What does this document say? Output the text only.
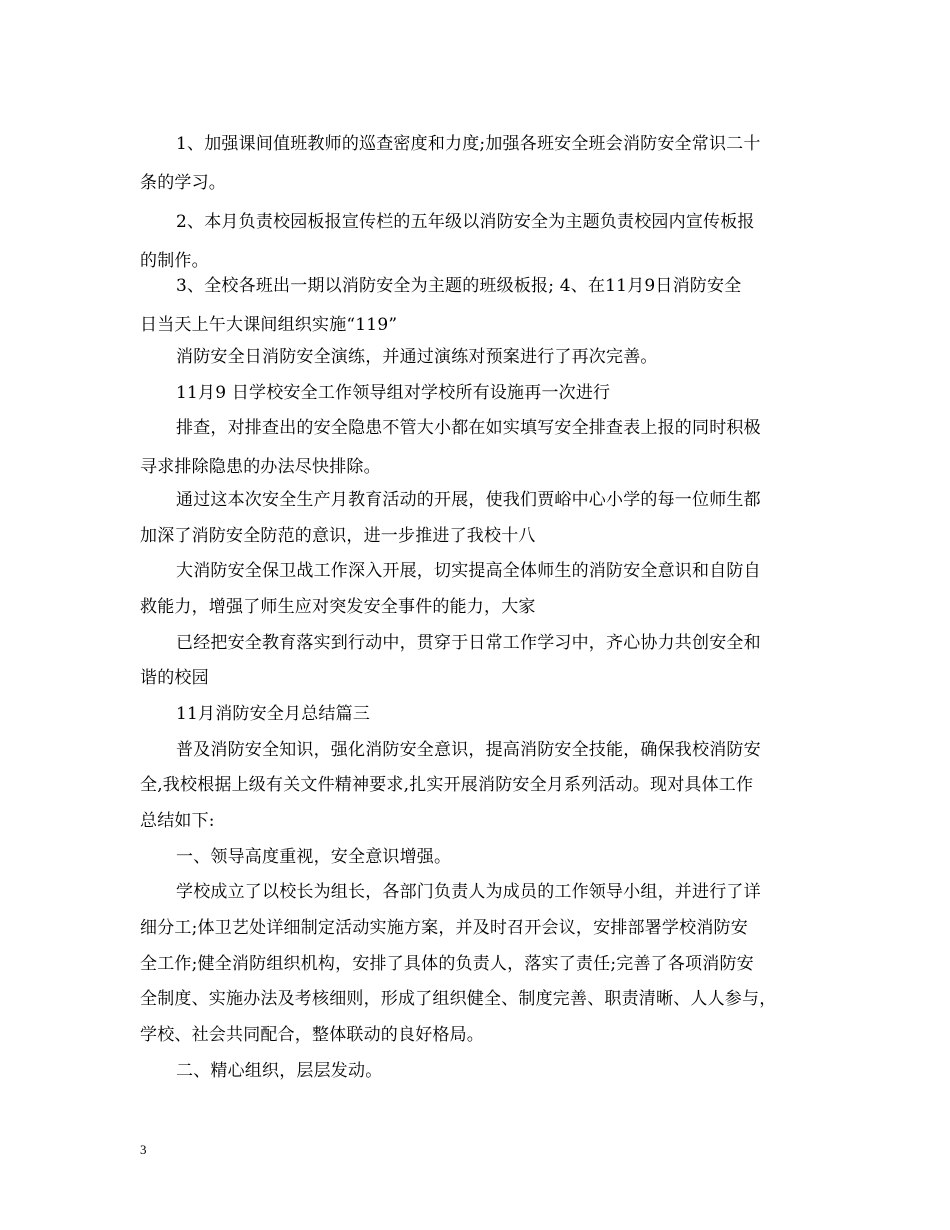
1、加强课间值班教师的巡查密度和力度;加强各班安全班会消防安全常识二十

条的学习。

2、本月负责校园板报宣传栏的五年级以消防安全为主题负责校园内宣传板报

的制作。

3、全校各班出一期以消防安全为主题的班级板报; 4、在11月9日消防安全

日当天上午大课间组织实施“119”

消防安全日消防安全演练，并通过演练对预案进行了再次完善。

11月9 日学校安全工作领导组对学校所有设施再一次进行

排查，对排查出的安全隐患不管大小都在如实填写安全排查表上报的同时积极

寻求排除隐患的办法尽快排除。

通过这本次安全生产月教育活动的开展，使我们贾峪中心小学的每一位师生都

加深了消防安全防范的意识，进一步推进了我校十八

大消防安全保卫战工作深入开展，切实提高全体师生的消防安全意识和自防自

救能力，增强了师生应对突发安全事件的能力，大家

已经把安全教育落实到行动中，贯穿于日常工作学习中，齐心协力共创安全和

谐的校园

11月消防安全月总结篇三

普及消防安全知识，强化消防安全意识，提高消防安全技能，确保我校消防安

全,我校根据上级有关文件精神要求,扎实开展消防安全月系列活动。现对具体工作

总结如下:

一、领导高度重视，安全意识增强。

学校成立了以校长为组长，各部门负责人为成员的工作领导小组，并进行了详

细分工;体卫艺处详细制定活动实施方案，并及时召开会议，安排部署学校消防安

全工作;健全消防组织机构，安排了具体的负责人，落实了责任;完善了各项消防安

全制度、实施办法及考核细则，形成了组织健全、制度完善、职责清晰、人人参与，

学校、社会共同配合，整体联动的良好格局。

二、精心组织，层层发动。

3
